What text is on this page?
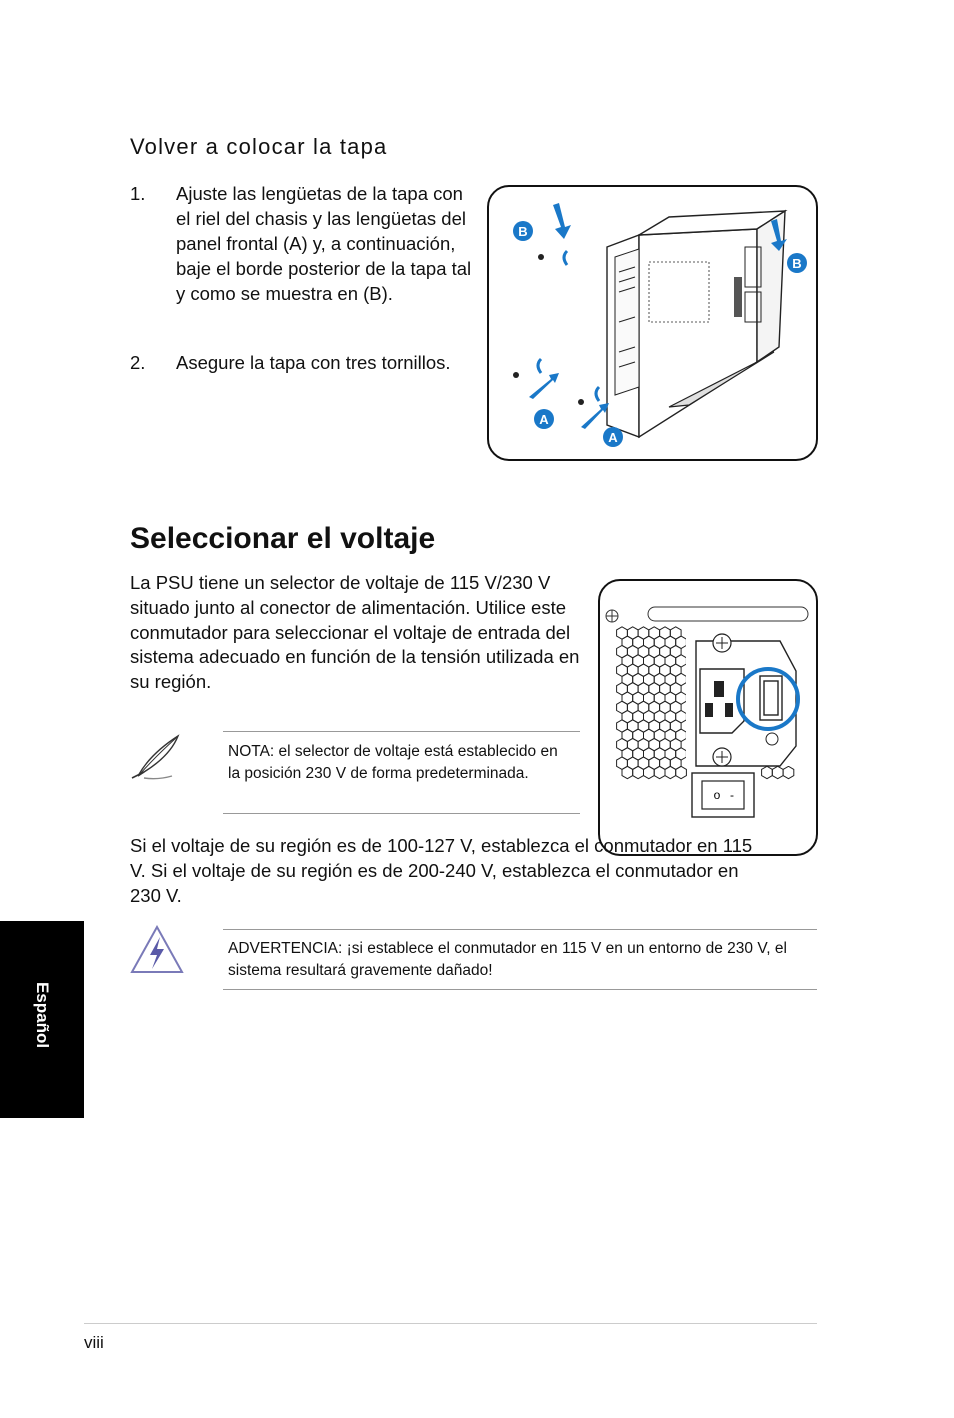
Volver a colocar la tapa
1. Ajuste las lengüetas de la tapa con el riel del chasis y las lengüetas del panel frontal (A) y, a continuación, baje el borde posterior de la tapa tal y como se muestra en (B).
2. Asegure la tapa con tres tornillos.
B
B
A
A
Seleccionar el voltaje

La PSU tiene un selector de voltaje de 115 V/230 V situado junto al conector de alimentación. Utilice este conmutador para seleccionar el voltaje de entrada del sistema adecuado en función de la tensión utilizada en su región.

NOTA: el selector de voltaje está establecido en la posición 230 V de forma predeterminada.

o -

Si el voltaje de su región es de 100-127 V, establezca el conmutador en 115 V. Si el voltaje de su región es de 200-240 V, establezca el conmutador en 230 V.

ADVERTENCIA: ¡si establece el conmutador en 115 V en un entorno de 230 V, el sistema resultará gravemente dañado!

Español
viii
